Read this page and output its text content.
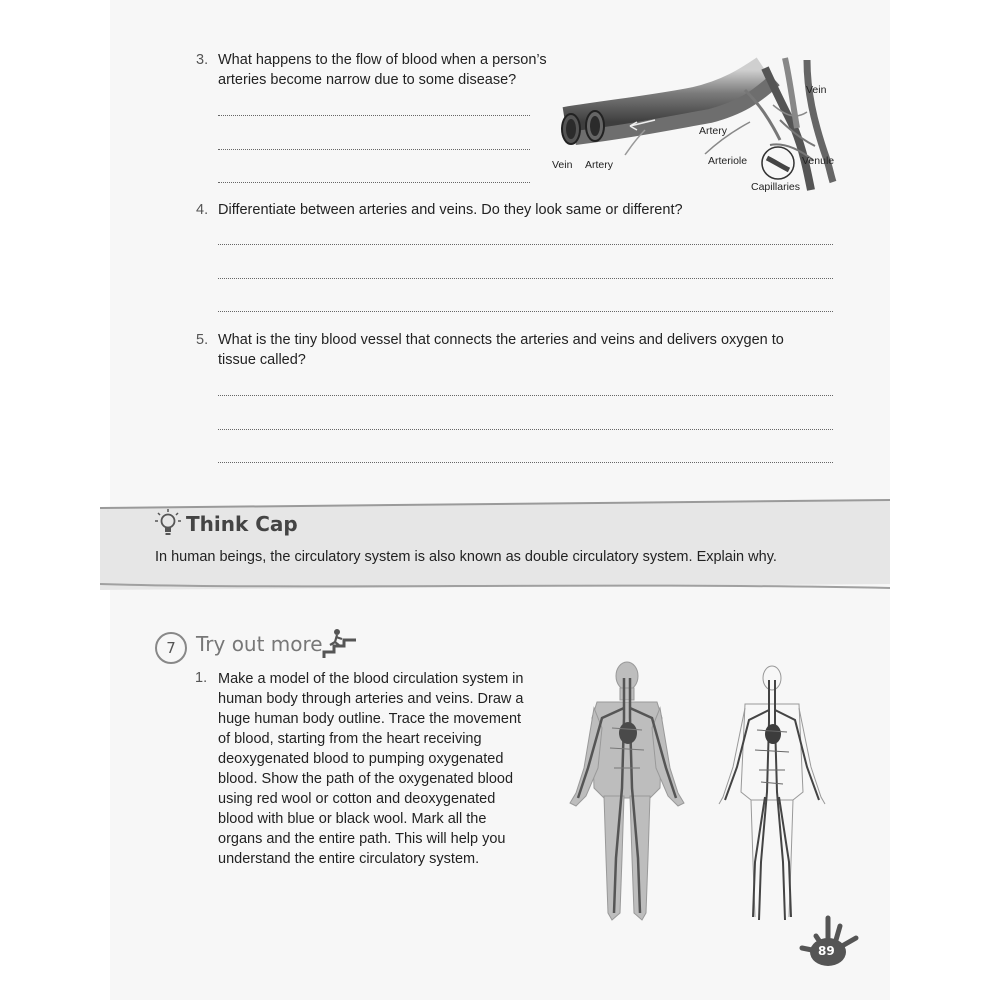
3. What happens to the flow of blood when a person’s
arteries become narrow due to some disease?
Vein Artery
Vein
Artery
Arteriole	Venule
Capillaries
4. Differentiate between arteries and veins. Do they look same or different?
5. What is the tiny blood vessel that connects the arteries and veins and delivers oxygen to
tissue called?
Think Cap
In human beings, the circulatory system is also known as double circulatory system. Explain why.
7	Try out more
1. Make a model of the blood circulation system in
human body through arteries and veins. Draw a
huge human body outline. Trace the movement
of blood, starting from the heart receiving
deoxygenated blood to pumping oxygenated
blood. Show the path of the oxygenated blood
using red wool or cotton and deoxygenated
blood with blue or black wool. Mark all the
organs and the entire path. This will help you
understand the entire circulatory system.
89
